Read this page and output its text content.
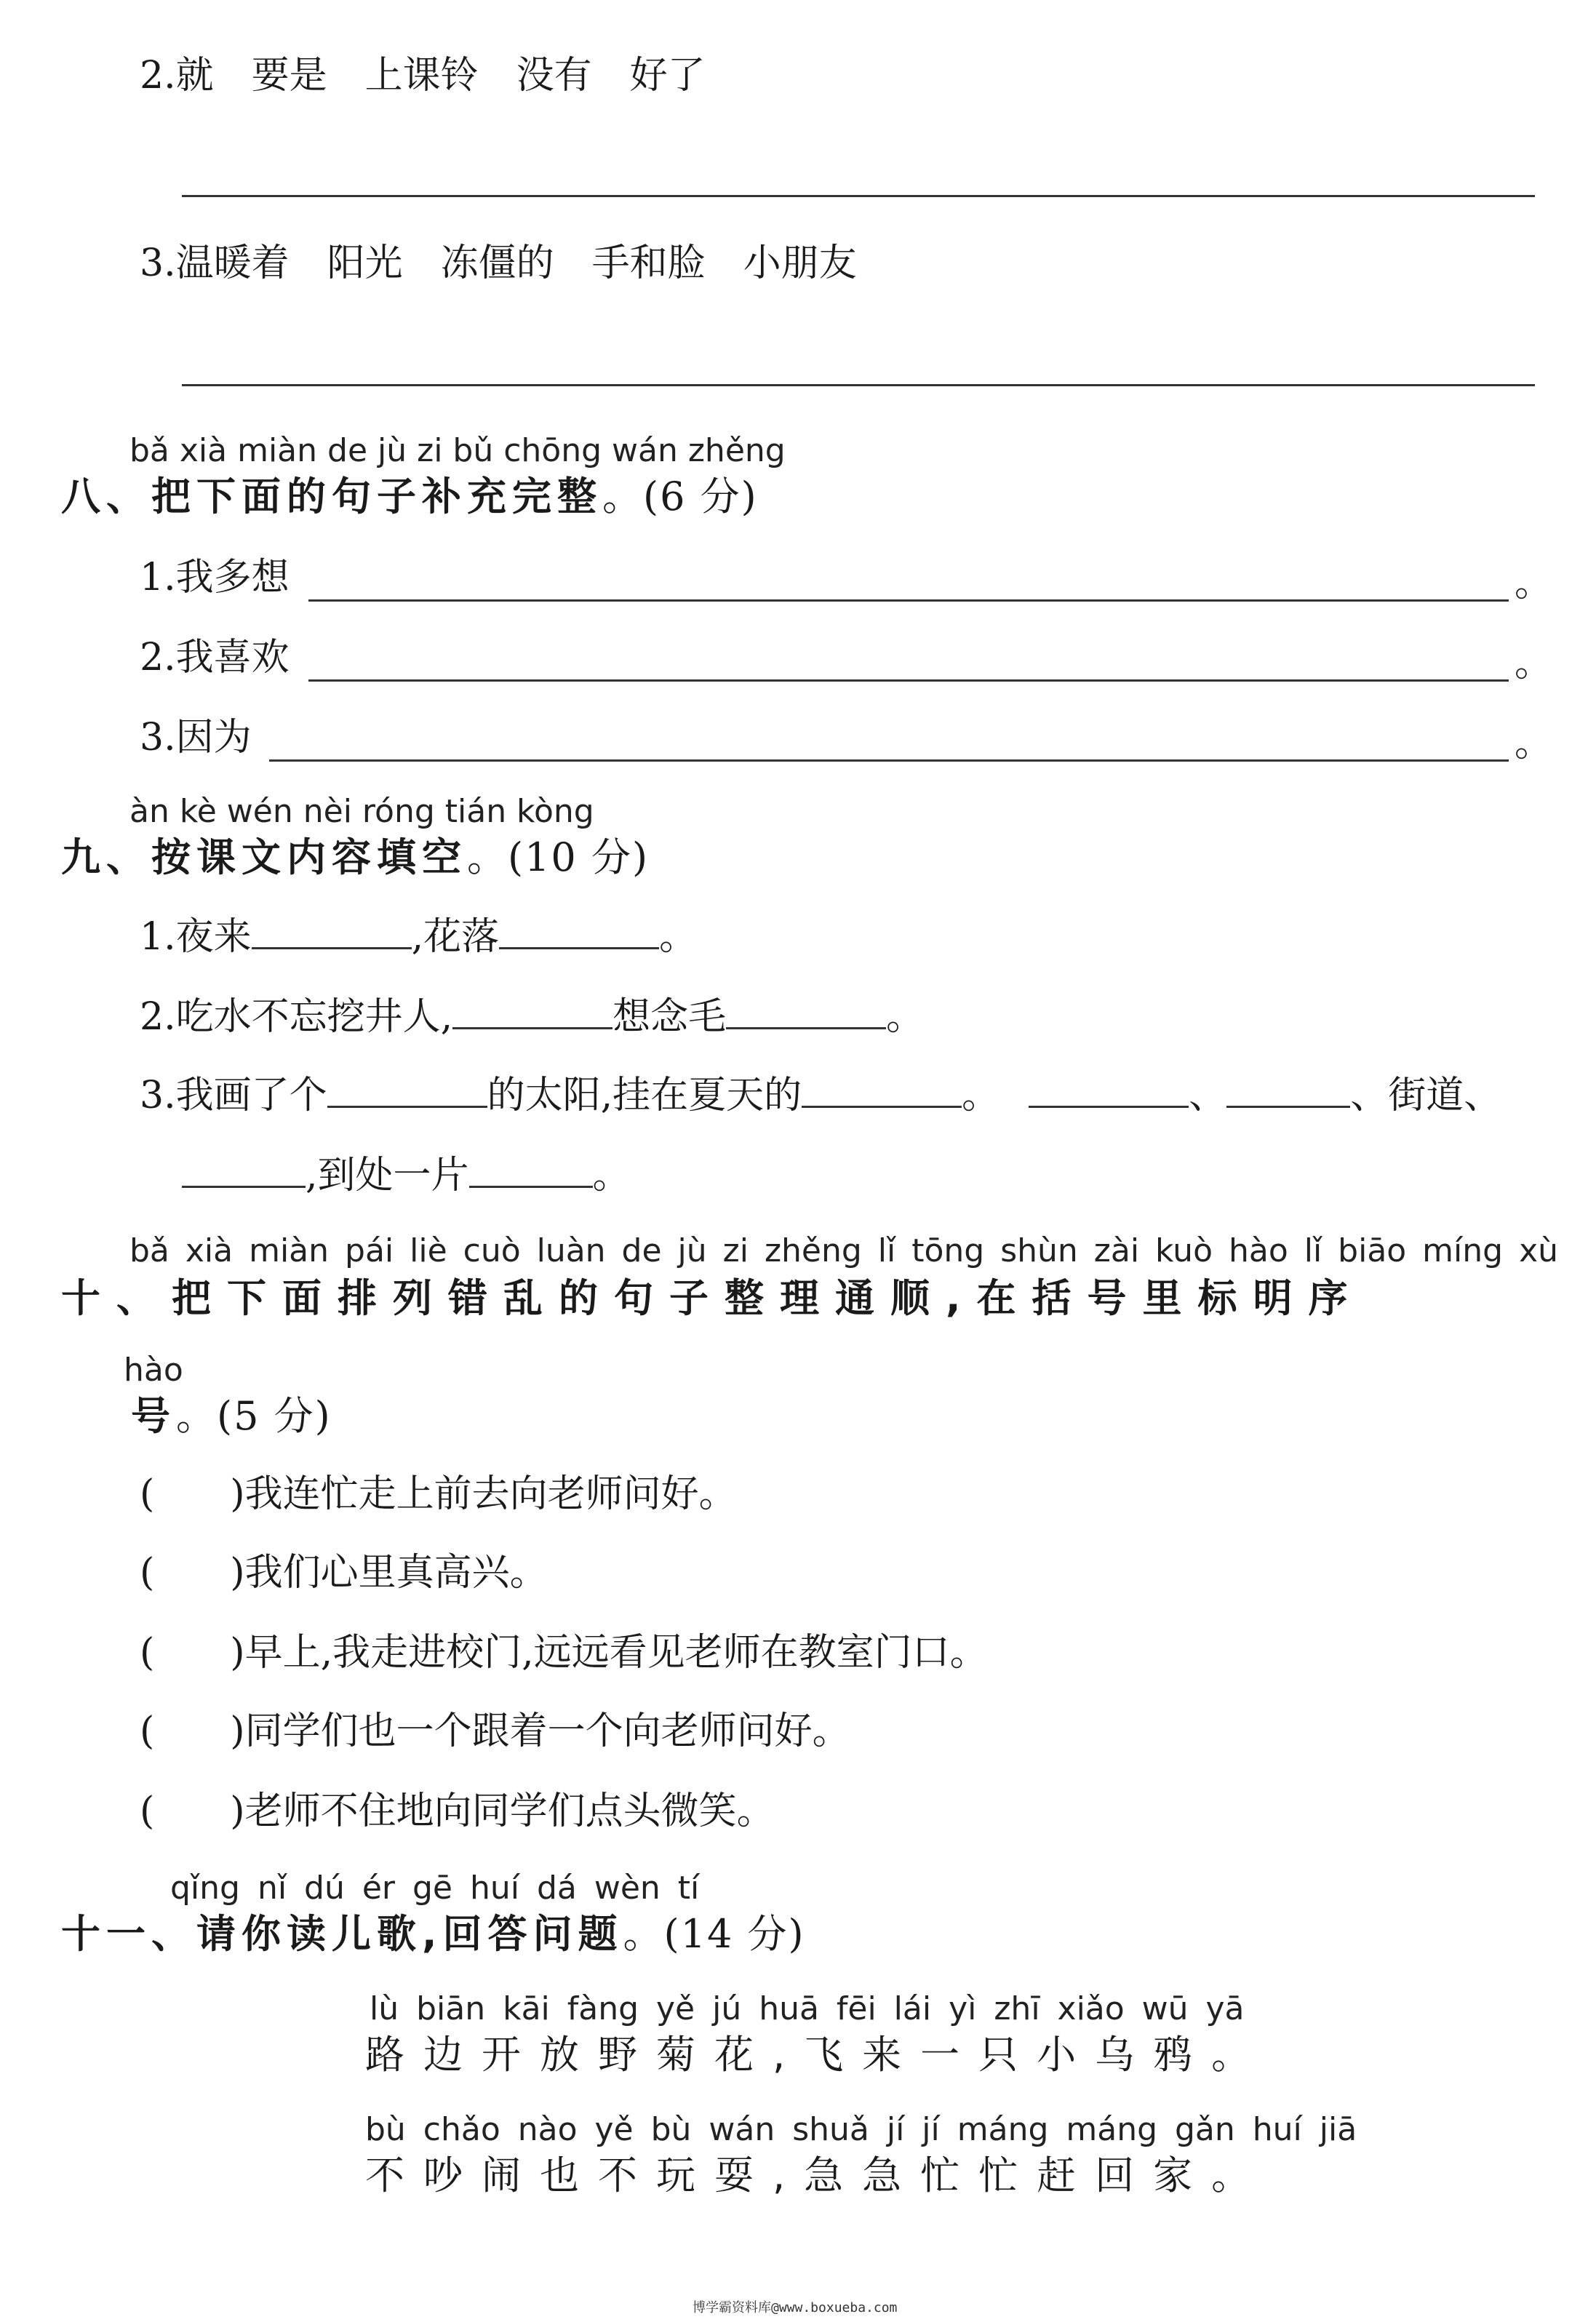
2.就　要是　上课铃　没有　好了
3.温暖着　阳光　冻僵的　手和脸　小朋友
bǎ xià miàn de jù zi bǔ chōng wán zhěng
八、把下面的句子补充完整。(6 分)
1.我多想	。
2.我喜欢	。
3.因为	。
àn kè wén nèi róng tián kòng
九、按课文内容填空。(10 分)
1.夜来	,花落	。
2.吃水不忘挖井人,	想念毛	。
3.我画了个	的太阳,挂在夏天的	。	、	、街道、
,到处一片	。
bǎ xià miàn pái liè cuò luàn de jù zi zhěng lǐ tōng shùn zài kuò hào lǐ biāo míng xù
十、把下面排列错乱的句子整理通顺,在括号里标明序
hào
号。(5 分)
(　　)我连忙走上前去向老师问好。
(　　)我们心里真高兴。
(　　)早上,我走进校门,远远看见老师在教室门口。
(　　)同学们也一个跟着一个向老师问好。
(　　)老师不住地向同学们点头微笑。
qǐng nǐ dú ér gē huí dá wèn tí
十一、请你读儿歌,回答问题。(14 分)
lù biān kāi fàng yě jú huā fēi lái yì zhī xiǎo wū yā
路边开放野菊花,飞来一只小乌鸦。
bù chǎo nào yě bù wán shuǎ jí jí máng máng gǎn huí jiā
不吵闹也不玩耍,急急忙忙赶回家。
博学霸资料库@www.boxueba.com
